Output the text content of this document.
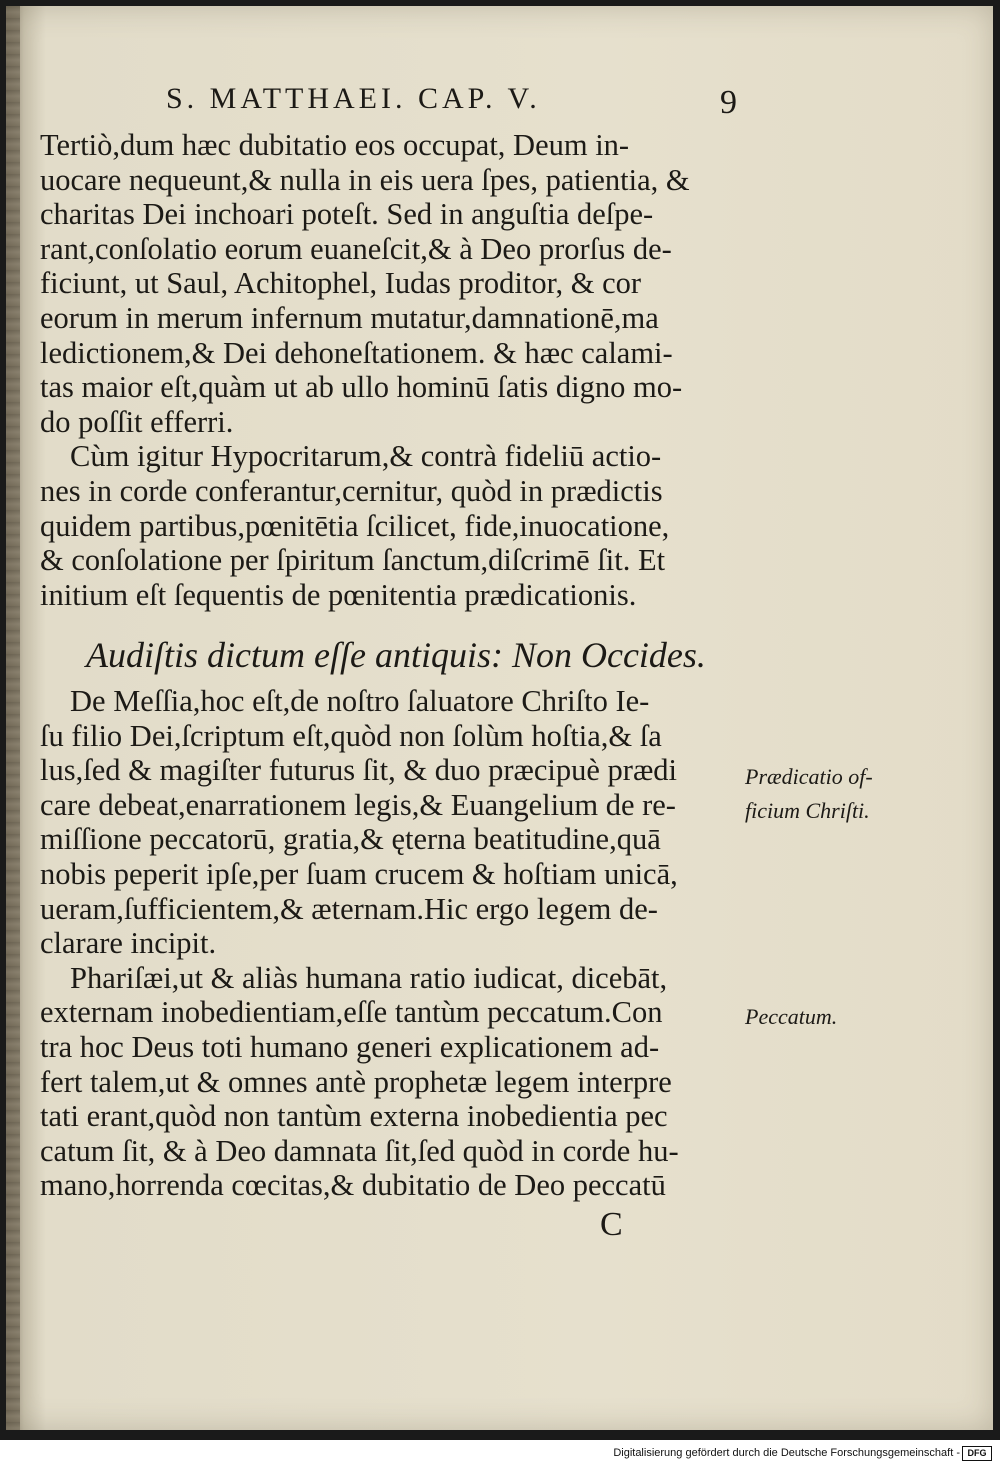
S. MATTHAEI. CAP. V.	9
Tertiò,dum hæc dubitatio eos occupat, Deum in-
uocare nequeunt,& nulla in eis uera ſpes, patientia, &
charitas Dei inchoari poteſt. Sed in anguſtia deſpe-
rant,conſolatio eorum euaneſcit,& à Deo prorſus de-
ficiunt, ut Saul, Achitophel, Iudas proditor, & cor
eorum in merum infernum mutatur,damnationē,ma
ledictionem,& Dei dehoneſtationem. & hæc calami-
tas maior eſt,quàm ut ab ullo hominū ſatis digno mo-
do poſſit efferri.
Cùm igitur Hypocritarum,& contrà fideliū actio-
nes in corde conferantur,cernitur, quòd in prædictis
quidem partibus,pœnitētia ſcilicet, fide,inuocatione,
& conſolatione per ſpiritum ſanctum,diſcrimē ſit. Et
initium eſt ſequentis de pœnitentia prædicationis.
Audiſtis dictum eſſe antiquis: Non Occides.
De Meſſia,hoc eſt,de noſtro ſaluatore Chriſto Ie-
ſu filio Dei,ſcriptum eſt,quòd non ſolùm hoſtia,& ſa
lus,ſed & magiſter futurus ſit, & duo præcipuè prædi
care debeat,enarrationem legis,& Euangelium de re-
miſſione peccatorū, gratia,& ęterna beatitudine,quā
nobis peperit ipſe,per ſuam crucem & hoſtiam unicā,
ueram,ſufficientem,& æternam.Hic ergo legem de-
clarare incipit.
Phariſæi,ut & aliàs humana ratio iudicat, dicebāt,
externam inobedientiam,eſſe tantùm peccatum.Con
tra hoc Deus toti humano generi explicationem ad-
fert talem,ut & omnes antè prophetæ legem interpre
tati erant,quòd non tantùm externa inobedientia pec
catum ſit, & à Deo damnata ſit,ſed quòd in corde hu-
mano,horrenda cœcitas,& dubitatio de Deo peccatū
Prædicatio of-
ficium Chriſti.
Peccatum.
C
Digitalisierung gefördert durch die Deutsche Forschungsgemeinschaft - DFG
